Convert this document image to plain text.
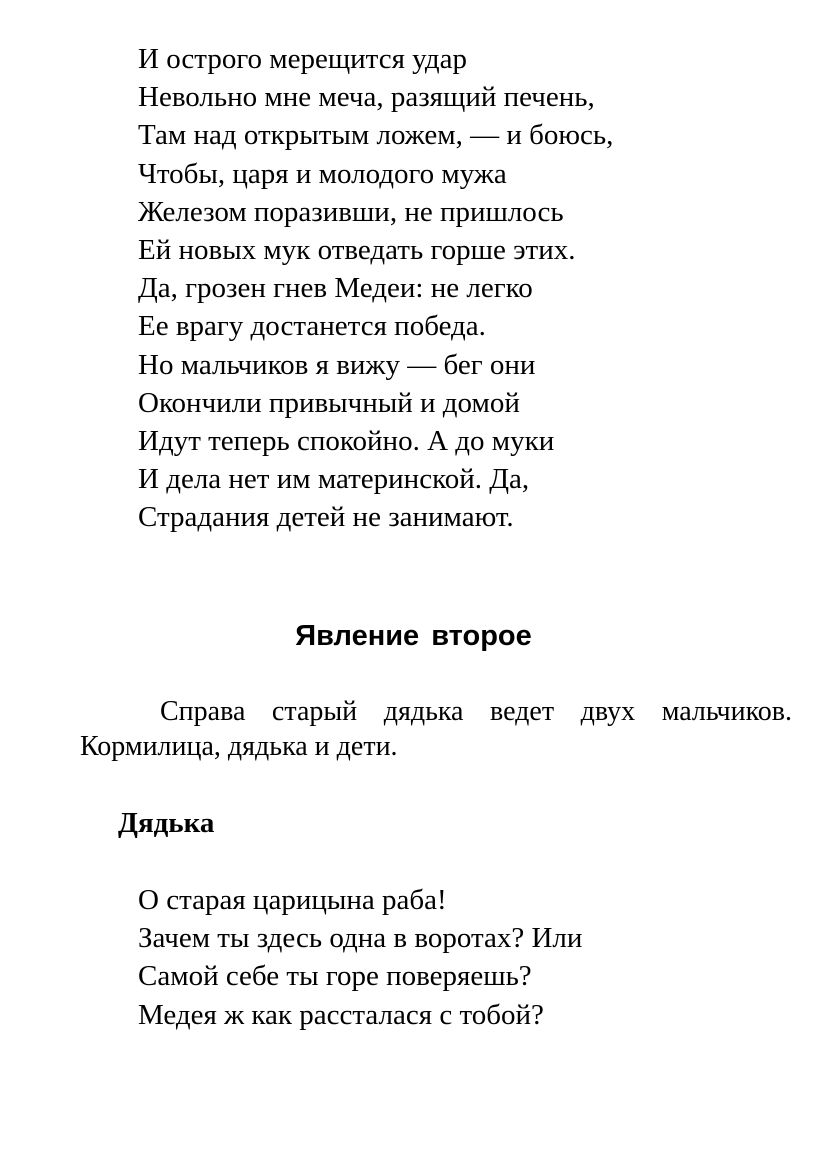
И острого мерещится удар
Невольно мне меча, разящий печень,
Там над открытым ложем, — и боюсь,
Чтобы, царя и молодого мужа
Железом поразивши, не пришлось
Ей новых мук отведать горше этих.
Да, грозен гнев Медеи: не легко
Ее врагу достанется победа.
Но мальчиков я вижу — бег они
Окончили привычный и домой
Идут теперь спокойно. А до муки
И дела нет им материнской. Да,
Страдания детей не занимают.
Явление второе

Справа старый дядька ведет двух мальчиков. Кормилица, дядька и дети.

Дядька

О старая царицына раба!
Зачем ты здесь одна в воротах? Или
Самой себе ты горе поверяешь?
Медея ж как рассталася с тобой?
